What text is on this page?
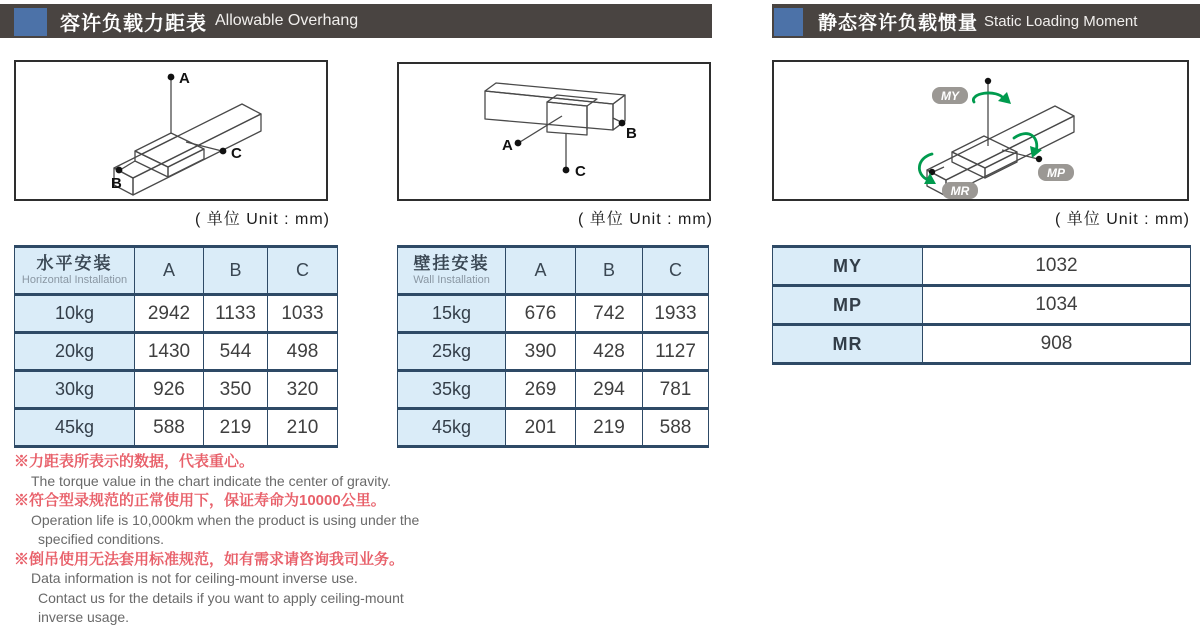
容许负载力距表 Allowable Overhang	静态容许负载惯量 Static Loading Moment
A
C
B
( 单位 Unit : mm)
A
B
C
( 单位 Unit : mm)
MY
MP
MR
( 单位 Unit : mm)
水平安装
Horizontal Installation	A	B	C
10kg	2942	1133	1033
20kg	1430	544	498
30kg	926	350	320
45kg	588	219	210
壁挂安装
Wall Installation	A	B	C
15kg	676	742	1933
25kg	390	428	1127
35kg	269	294	781
45kg	201	219	588
MY	1032
MP	1034
MR	908
※力距表所表示的数据，代表重心。
The torque value in the chart indicate the center of gravity.
※符合型录规范的正常使用下，保证寿命为10000公里。
Operation life is 10,000km when the product is using under the
specified conditions.
※倒吊使用无法套用标准规范，如有需求请咨询我司业务。
Data information is not for ceiling-mount inverse use.
Contact us for the details if you want to apply ceiling-mount
inverse usage.
